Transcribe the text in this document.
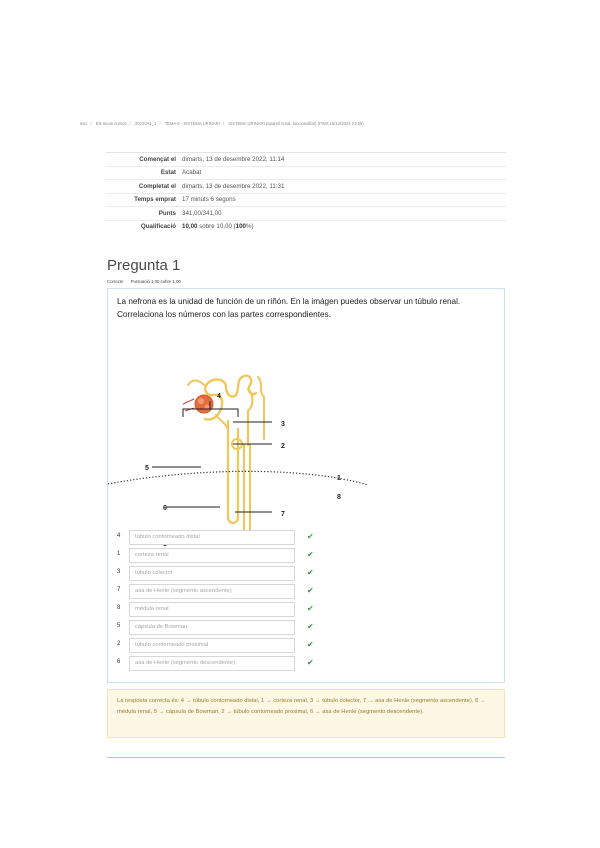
Inici / Els meus cursos / 2022VA1_1 / TEMA 8 - SISTEMA URINARI / SISTEMA URINARI (aparell renal, funcionalitat) (FINS 15/12/2022 23:55)
Començat el dimarts, 13 de desembre 2022, 11:14
Estat Acabat
Completat el dimarts, 13 de desembre 2022, 11:31
Temps emprat 17 minuts 6 segons
Punts 341,00/341,00
Qualificació 10,00 sobre 10,00 (100%)
Pregunta 1
Correcte Puntuació 1,00 sobre 1,00
La nefrona es la unidad de función de un riñón. En la imágen puedes observar un túbulo renal. Correlaciona los números con las partes correspondientes.
4
3
2
5
1
8
6
7
4	túbulo contorneado distal	✔
1	corteza renal	✔
3	túbulo colector	✔
7	asa de Henle (segmento ascendente)	✔
8	médula renal	✔
5	cápsula de Bowman	✔
2	túbulo contorneado proximal	✔
6	asa de Henle (segmento descendente)	✔
La resposta correcta és: 4 → túbulo contorneado distal, 1 → corteza renal, 3 → túbulo colector, 7 → asa de Henle (segmento ascendente), 8 → médula renal, 5 → cápsula de Bowman, 2 → túbulo contorneado proximal, 6 → asa de Henle (segmento descendente).
